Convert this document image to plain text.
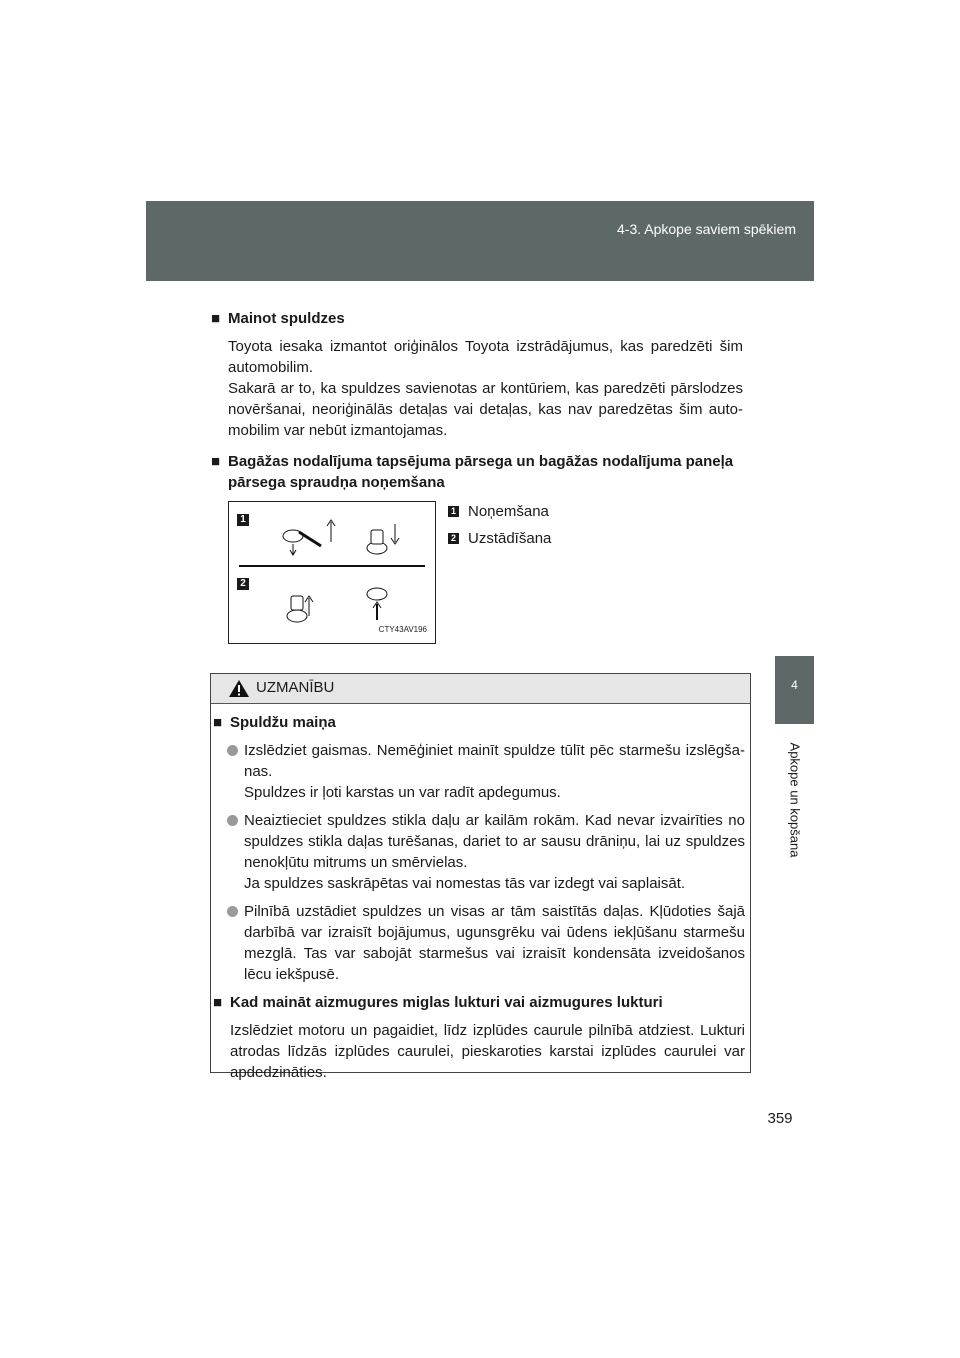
4-3. Apkope saviem spēkiem
4
Apkope un kopšana
■ Mainot spuldzes

Toyota iesaka izmantot oriģinālos Toyota izstrādājumus, kas paredzēti šim automobilim.

Sakarā ar to, ka spuldzes savienotas ar kontūriem, kas paredzēti pārslodzes novēršanai, neoriģinālās detaļas vai detaļas, kas nav paredzētas šim auto-mobilim var nebūt izmantojamas.

■ Bagāžas nodalījuma tapsējuma pārsega un bagāžas nodalījuma paneļa pārsega spraudņa noņemšana
1
2
CTY43AV196
1 Noņemšana
2 Uzstādīšana
UZMANĪBU
■ Spuldžu maiņa

Izslēdziet gaismas. Nemēģiniet mainīt spuldze tūlīt pēc starmešu izslēgša-nas.

Spuldzes ir ļoti karstas un var radīt apdegumus.

Neaiztieciet spuldzes stikla daļu ar kailām rokām. Kad nevar izvairīties no spuldzes stikla daļas turēšanas, dariet to ar sausu drāniņu, lai uz spuldzes nenokļūtu mitrums un smērvielas.

Ja spuldzes saskrāpētas vai nomestas tās var izdegt vai saplaisāt.

Pilnībā uzstādiet spuldzes un visas ar tām saistītās daļas. Kļūdoties šajā darbībā var izraisīt bojājumus, ugunsgrēku vai ūdens iekļūšanu starmešu mezglā. Tas var sabojāt starmešus vai izraisīt kondensāta izveidošanos lēcu iekšpusē.

■ Kad maināt aizmugures miglas lukturi vai aizmugures lukturi
Izslēdziet motoru un pagaidiet, līdz izplūdes caurule pilnībā atdziest. Lukturi atrodas līdzās izplūdes caurulei, pieskaroties karstai izplūdes caurulei var apdedzināties.
359
